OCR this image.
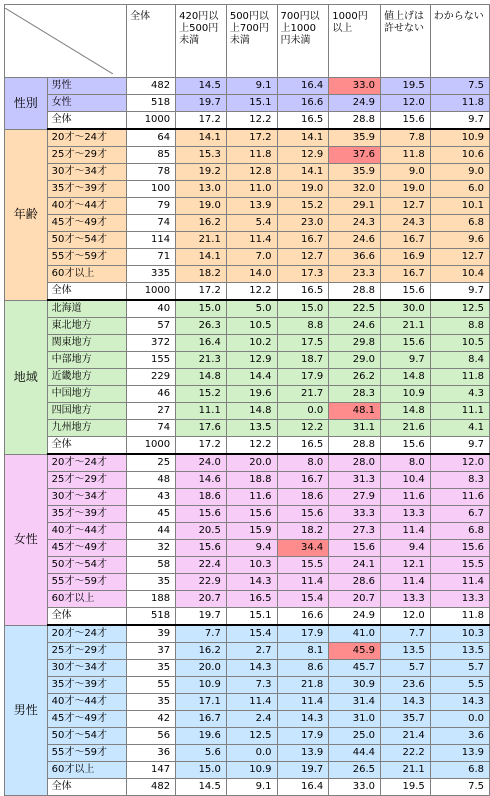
	全体	420円以上500円未満	500円以上700円未満	700円以上1000円未満	1000円以上	値上げは許せない	わからない
性別	男性	482	14.5	9.1	16.4	33.0	19.5	7.5
	女性	518	19.7	15.1	16.6	24.9	12.0	11.8
	全体	1000	17.2	12.2	16.5	28.8	15.6	9.7
年齢	20才～24才	64	14.1	17.2	14.1	35.9	7.8	10.9
	25才～29才	85	15.3	11.8	12.9	37.6	11.8	10.6
	30才～34才	78	19.2	12.8	14.1	35.9	9.0	9.0
	35才～39才	100	13.0	11.0	19.0	32.0	19.0	6.0
	40才～44才	79	19.0	13.9	15.2	29.1	12.7	10.1
	45才～49才	74	16.2	5.4	23.0	24.3	24.3	6.8
	50才～54才	114	21.1	11.4	16.7	24.6	16.7	9.6
	55才～59才	71	14.1	7.0	12.7	36.6	16.9	12.7
	60才以上	335	18.2	14.0	17.3	23.3	16.7	10.4
	全体	1000	17.2	12.2	16.5	28.8	15.6	9.7
地域	北海道	40	15.0	5.0	15.0	22.5	30.0	12.5
	東北地方	57	26.3	10.5	8.8	24.6	21.1	8.8
	関東地方	372	16.4	10.2	17.5	29.8	15.6	10.5
	中部地方	155	21.3	12.9	18.7	29.0	9.7	8.4
	近畿地方	229	14.8	14.4	17.9	26.2	14.8	11.8
	中国地方	46	15.2	19.6	21.7	28.3	10.9	4.3
	四国地方	27	11.1	14.8	0.0	48.1	14.8	11.1
	九州地方	74	17.6	13.5	12.2	31.1	21.6	4.1
	全体	1000	17.2	12.2	16.5	28.8	15.6	9.7
女性	20才～24才	25	24.0	20.0	8.0	28.0	8.0	12.0
	25才～29才	48	14.6	18.8	16.7	31.3	10.4	8.3
	30才～34才	43	18.6	11.6	18.6	27.9	11.6	11.6
	35才～39才	45	15.6	15.6	15.6	33.3	13.3	6.7
	40才～44才	44	20.5	15.9	18.2	27.3	11.4	6.8
	45才～49才	32	15.6	9.4	34.4	15.6	9.4	15.6
	50才～54才	58	22.4	10.3	15.5	24.1	12.1	15.5
	55才～59才	35	22.9	14.3	11.4	28.6	11.4	11.4
	60才以上	188	20.7	16.5	15.4	20.7	13.3	13.3
	全体	518	19.7	15.1	16.6	24.9	12.0	11.8
男性	20才～24才	39	7.7	15.4	17.9	41.0	7.7	10.3
	25才～29才	37	16.2	2.7	8.1	45.9	13.5	13.5
	30才～34才	35	20.0	14.3	8.6	45.7	5.7	5.7
	35才～39才	55	10.9	7.3	21.8	30.9	23.6	5.5
	40才～44才	35	17.1	11.4	11.4	31.4	14.3	14.3
	45才～49才	42	16.7	2.4	14.3	31.0	35.7	0.0
	50才～54才	56	19.6	12.5	17.9	25.0	21.4	3.6
	55才～59才	36	5.6	0.0	13.9	44.4	22.2	13.9
	60才以上	147	15.0	10.9	19.7	26.5	21.1	6.8
	全体	482	14.5	9.1	16.4	33.0	19.5	7.5
